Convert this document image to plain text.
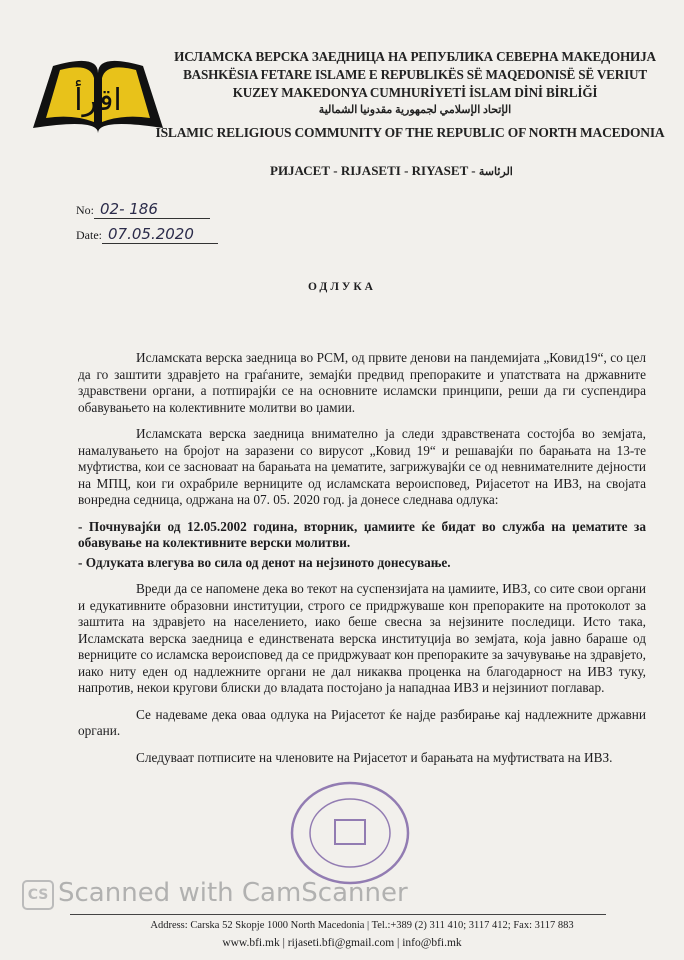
اقرأ
ИСЛАМСКА ВЕРСКА ЗАЕДНИЦА НА РЕПУБЛИКА СЕВЕРНА МАКЕДОНИЈА
BASHKËSIA FETARE ISLAME E REPUBLIKËS SË MAQEDONISË SË VERIUT
KUZEY MAKEDONYA CUMHURİYETİ İSLAM DİNİ BİRLİĞİ
الإتحاد الإسلامي لجمهورية مقدونيا الشمالية
ISLAMIC RELIGIOUS COMMUNITY OF THE REPUBLIC OF NORTH MACEDONIA
РИЈАСЕТ - RIJASETI - RIYASET - الرئاسة
No: 02- 186
Date: 07.05.2020
ОДЛУКА

Исламската верска заедница во РСМ, од првите денови на пандемијата „Ковид19“, со цел да го заштити здравјето на граѓаните, земајќи предвид препораките и упатствата на државните здравствени органи, а потпирајќи се на основните исламски принципи, реши да ги суспендира обавувањето на колективните молитви во џамии.

Исламската верска заедница внимателно ја следи здравствената состојба во земјата, намалувањето на бројот на заразени со вирусот „Ковид 19“ и решавајќи по барањата на 13-те муфтиства, кои се засноваат на барањата на џематите, загрижувајќи се од невнимателните дејности на МПЦ, кои ги охрабриле верниците од исламската вероисповед, Ријасетот на ИВЗ, на својата вонредна седница, одржана на 07. 05. 2020 год. ја донесе следнава одлука:

- Почнувајќи од 12.05.2002 година, вторник, џамиите ќе бидат во служба на џематите за обавување на колективните верски молитви.

- Одлуката влегува во сила од денот на нејзиното донесување.

Вреди да се напомене дека во текот на суспензијата на џамиите, ИВЗ, со сите свои органи и едукативните образовни институции, строго се придржуваше кон препораките на протоколот за заштита на здравјето на населението, иако беше свесна за нејзините последици. Исто така, Исламската верска заедница е единствената верска институција во земјата, која јавно бараше од верниците со исламска вероисповед да се придржуваат кон препораките за зачувување на здравјето, иако ниту еден од надлежните органи не дал никаква проценка на благодарност на ИВЗ туку, напротив, некои кругови блиски до владата постојано ја нападнаа ИВЗ и нејзиниот поглавар.

Се надеваме дека оваа одлука на Ријасетот ќе најде разбирање кај надлежните државни органи.

Следуваат потписите на членовите на Ријасетот и барањата на муфтиствата на ИВЗ.

CS Scanned with CamScanner
Address: Carska 52 Skopje 1000 North Macedonia | Tel.:+389 (2) 311 410; 3117 412; Fax: 3117 883
www.bfi.mk | rijaseti.bfi@gmail.com | info@bfi.mk
